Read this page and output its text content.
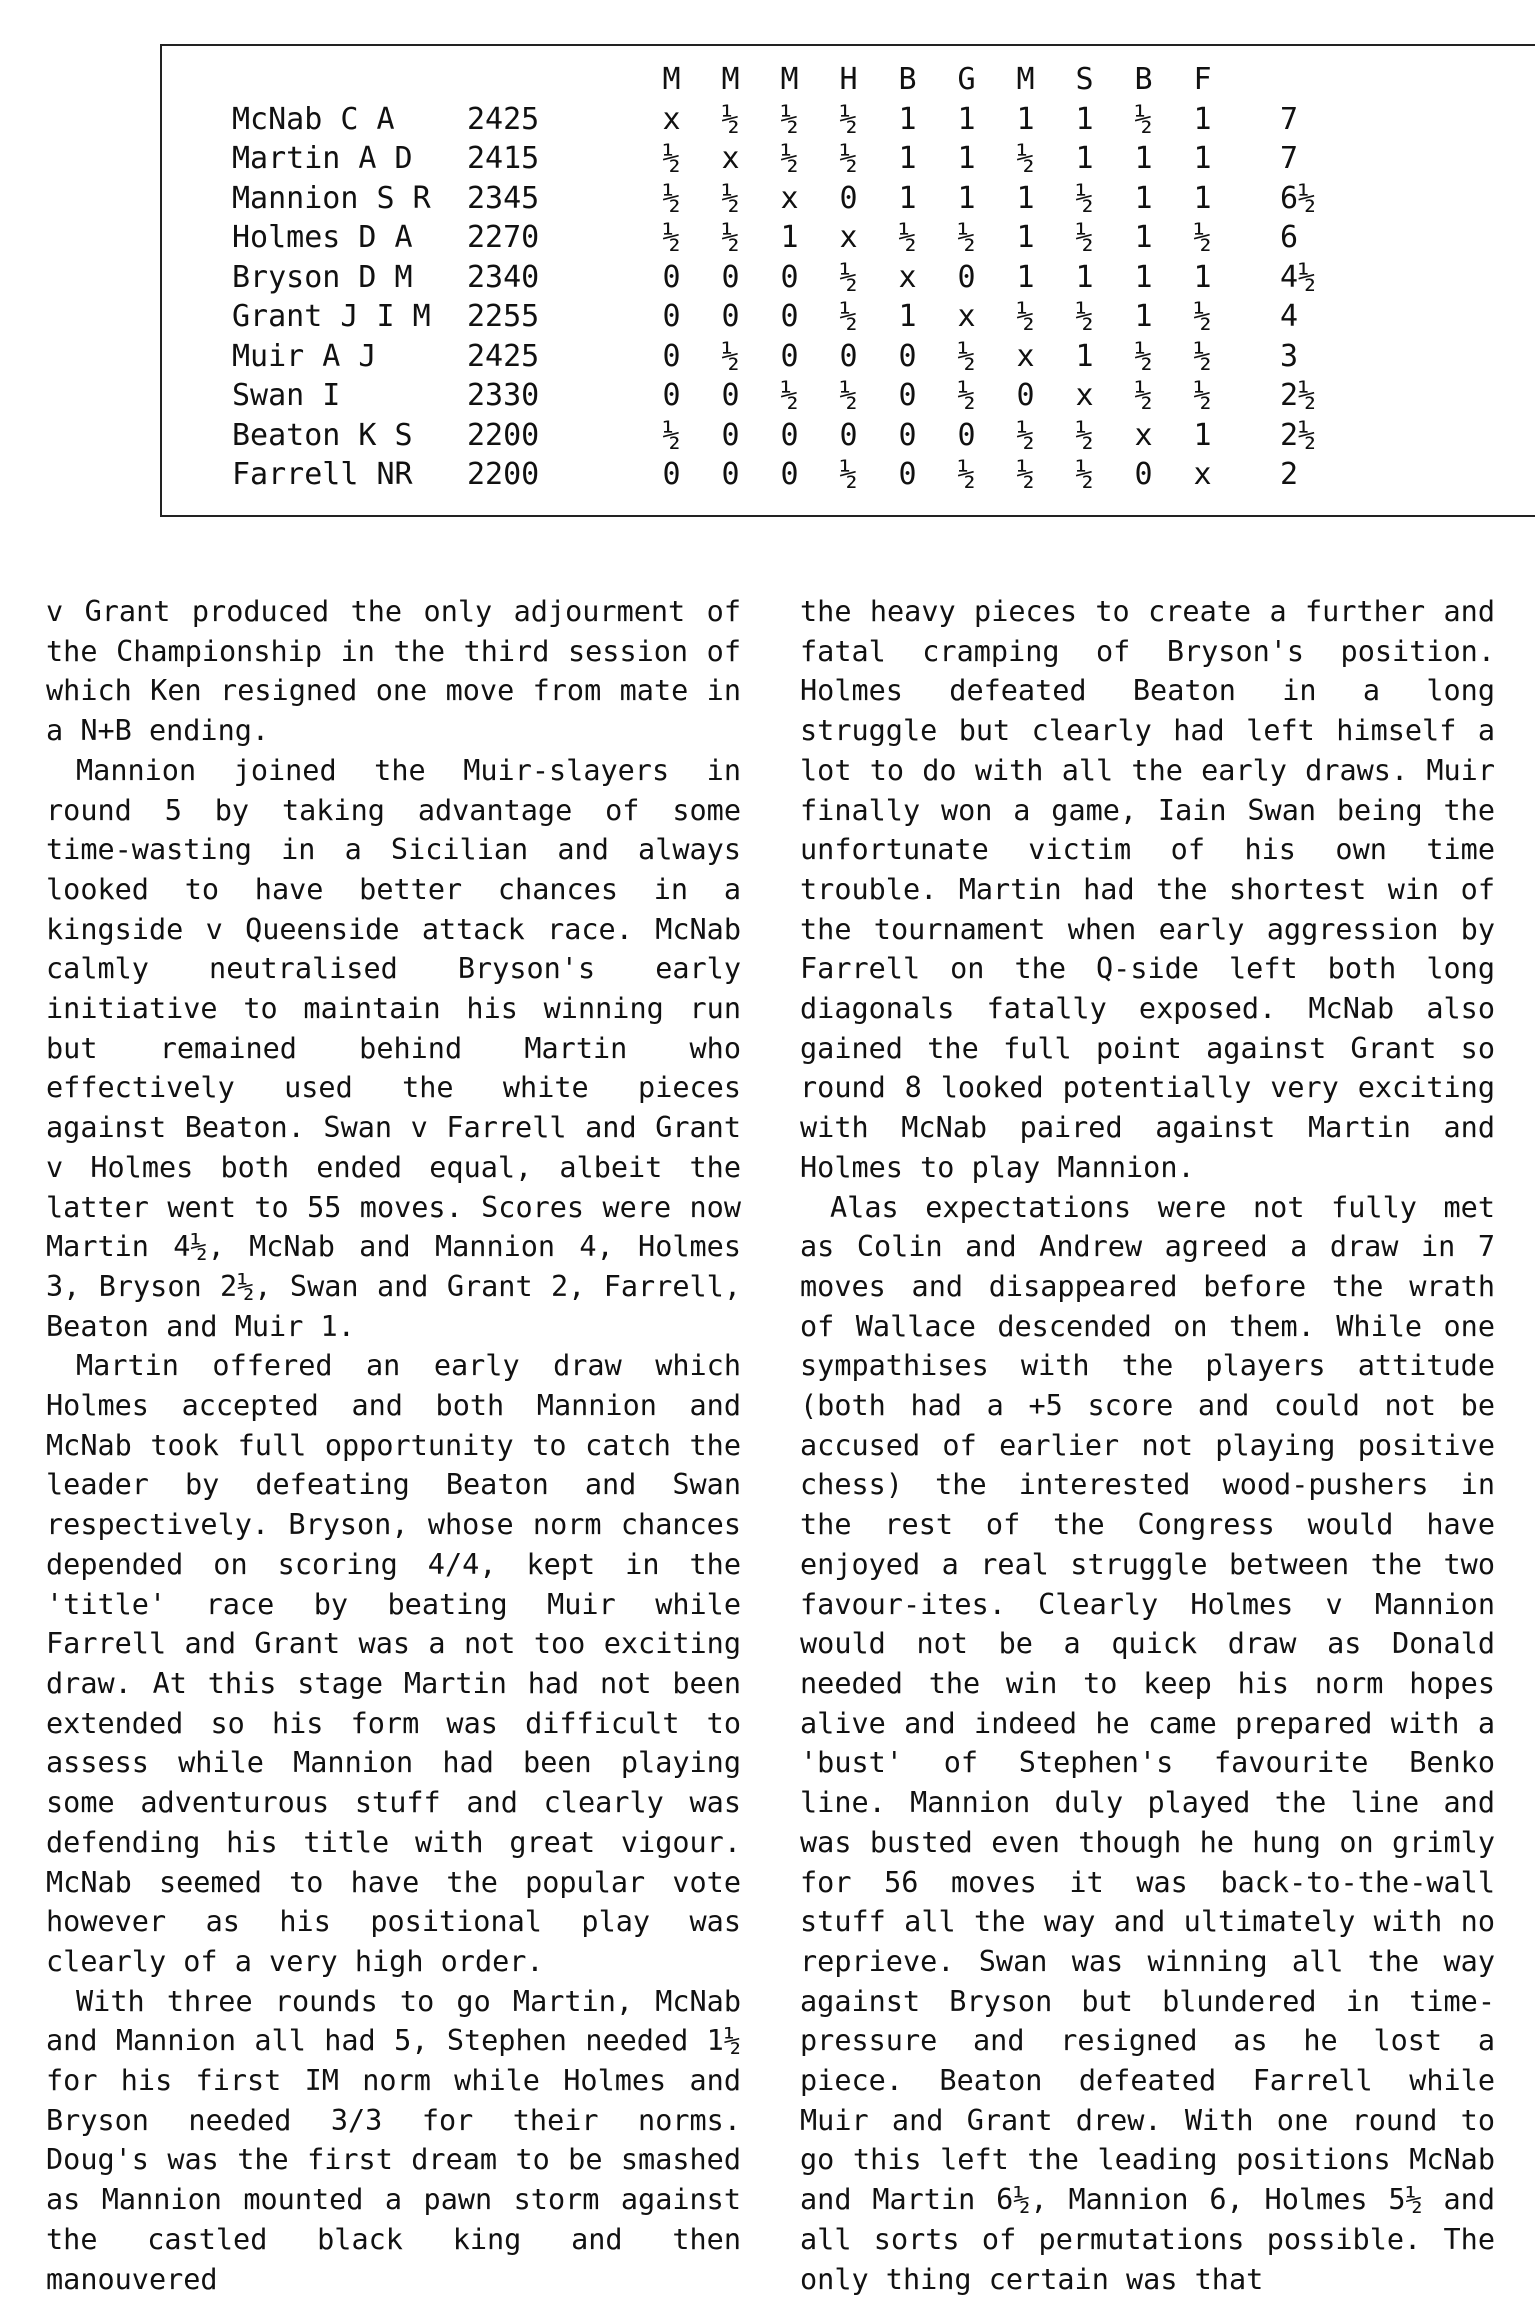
		M	M	M	H	B	G	M	S	B	F	
McNab C A	2425	x	½	½	½	1	1	1	1	½	1	7
Martin A D	2415	½	x	½	½	1	1	½	1	1	1	7
Mannion S R	2345	½	½	x	0	1	1	1	½	1	1	6½
Holmes D A	2270	½	½	1	x	½	½	1	½	1	½	6
Bryson D M	2340	0	0	0	½	x	0	1	1	1	1	4½
Grant J I M	2255	0	0	0	½	1	x	½	½	1	½	4
Muir A J	2425	0	½	0	0	0	½	x	1	½	½	3
Swan I	2330	0	0	½	½	0	½	0	x	½	½	2½
Beaton K S	2200	½	0	0	0	0	0	½	½	x	1	2½
Farrell NR	2200	0	0	0	½	0	½	½	½	0	x	2

v Grant produced the only adjourment of the Championship in the third session of which Ken resigned one move from mate in a N+B ending.

Mannion joined the Muir-slayers in round 5 by taking advantage of some time-wasting in a Sicilian and always looked to have better chances in a kingside v Queenside attack race. McNab calmly neutralised Bryson's early initiative to maintain his winning run but remained behind Martin who effectively used the white pieces against Beaton. Swan v Farrell and Grant v Holmes both ended equal, albeit the latter went to 55 moves. Scores were now Martin 4½, McNab and Mannion 4, Holmes 3, Bryson 2½, Swan and Grant 2, Farrell, Beaton and Muir 1.

Martin offered an early draw which Holmes accepted and both Mannion and McNab took full opportunity to catch the leader by defeating Beaton and Swan respectively. Bryson, whose norm chances depended on scoring 4/4, kept in the 'title' race by beating Muir while Farrell and Grant was a not too exciting draw. At this stage Martin had not been extended so his form was difficult to assess while Mannion had been playing some adventurous stuff and clearly was defending his title with great vigour. McNab seemed to have the popular vote however as his positional play was clearly of a very high order.

With three rounds to go Martin, McNab and Mannion all had 5, Stephen needed 1½ for his first IM norm while Holmes and Bryson needed 3/3 for their norms. Doug's was the first dream to be smashed as Mannion mounted a pawn storm against the castled black king and then manouvered

the heavy pieces to create a further and fatal cramping of Bryson's position. Holmes defeated Beaton in a long struggle but clearly had left himself a lot to do with all the early draws. Muir finally won a game, Iain Swan being the unfortunate victim of his own time trouble. Martin had the shortest win of the tournament when early aggression by Farrell on the Q-side left both long diagonals fatally exposed. McNab also gained the full point against Grant so round 8 looked potentially very exciting with McNab paired against Martin and Holmes to play Mannion.

Alas expectations were not fully met as Colin and Andrew agreed a draw in 7 moves and disappeared before the wrath of Wallace descended on them. While one sympathises with the players attitude (both had a +5 score and could not be accused of earlier not playing positive chess) the interested wood-pushers in the rest of the Congress would have enjoyed a real struggle between the two favour-ites. Clearly Holmes v Mannion would not be a quick draw as Donald needed the win to keep his norm hopes alive and indeed he came prepared with a 'bust' of Stephen's favourite Benko line. Mannion duly played the line and was busted even though he hung on grimly for 56 moves it was back-to-the-wall stuff all the way and ultimately with no reprieve. Swan was winning all the way against Bryson but blundered in time-pressure and resigned as he lost a piece. Beaton defeated Farrell while Muir and Grant drew. With one round to go this left the leading positions McNab and Martin 6½, Mannion 6, Holmes 5½ and all sorts of permutations possible. The only thing certain was that
